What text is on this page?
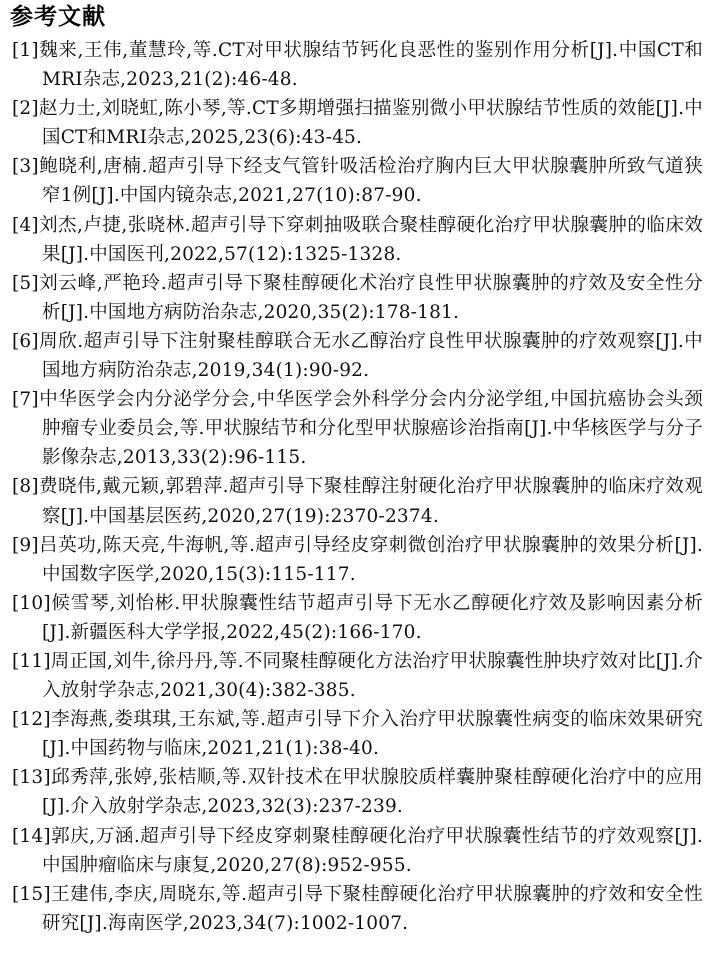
参考文献
[1]魏来,王伟,董慧玲,等.CT对甲状腺结节钙化良恶性的鉴别作用分析[J].中国CT和MRI杂志,2023,21(2):46-48.
[2]赵力士,刘晓虹,陈小琴,等.CT多期增强扫描鉴别微小甲状腺结节性质的效能[J].中国CT和MRI杂志,2025,23(6):43-45.
[3]鲍晓利,唐楠.超声引导下经支气管针吸活检治疗胸内巨大甲状腺囊肿所致气道狭窄1例[J].中国内镜杂志,2021,27(10):87-90.
[4]刘杰,卢捷,张晓林.超声引导下穿刺抽吸联合聚桂醇硬化治疗甲状腺囊肿的临床效果[J].中国医刊,2022,57(12):1325-1328.
[5]刘云峰,严艳玲.超声引导下聚桂醇硬化术治疗良性甲状腺囊肿的疗效及安全性分析[J].中国地方病防治杂志,2020,35(2):178-181.
[6]周欣.超声引导下注射聚桂醇联合无水乙醇治疗良性甲状腺囊肿的疗效观察[J].中国地方病防治杂志,2019,34(1):90-92.
[7]中华医学会内分泌学分会,中华医学会外科学分会内分泌学组,中国抗癌协会头颈肿瘤专业委员会,等.甲状腺结节和分化型甲状腺癌诊治指南[J].中华核医学与分子影像杂志,2013,33(2):96-115.
[8]费晓伟,戴元颖,郭碧萍.超声引导下聚桂醇注射硬化治疗甲状腺囊肿的临床疗效观察[J].中国基层医药,2020,27(19):2370-2374.
[9]吕英功,陈天亮,牛海帆,等.超声引导经皮穿刺微创治疗甲状腺囊肿的效果分析[J].中国数字医学,2020,15(3):115-117.
[10]候雪琴,刘怡彬.甲状腺囊性结节超声引导下无水乙醇硬化疗效及影响因素分析[J].新疆医科大学学报,2022,45(2):166-170.
[11]周正国,刘牛,徐丹丹,等.不同聚桂醇硬化方法治疗甲状腺囊性肿块疗效对比[J].介入放射学杂志,2021,30(4):382-385.
[12]李海燕,娄琪琪,王东斌,等.超声引导下介入治疗甲状腺囊性病变的临床效果研究[J].中国药物与临床,2021,21(1):38-40.
[13]邱秀萍,张婷,张桔顺,等.双针技术在甲状腺胶质样囊肿聚桂醇硬化治疗中的应用[J].介入放射学杂志,2023,32(3):237-239.
[14]郭庆,万涵.超声引导下经皮穿刺聚桂醇硬化治疗甲状腺囊性结节的疗效观察[J].中国肿瘤临床与康复,2020,27(8):952-955.
[15]王建伟,李庆,周晓东,等.超声引导下聚桂醇硬化治疗甲状腺囊肿的疗效和安全性研究[J].海南医学,2023,34(7):1002-1007.
